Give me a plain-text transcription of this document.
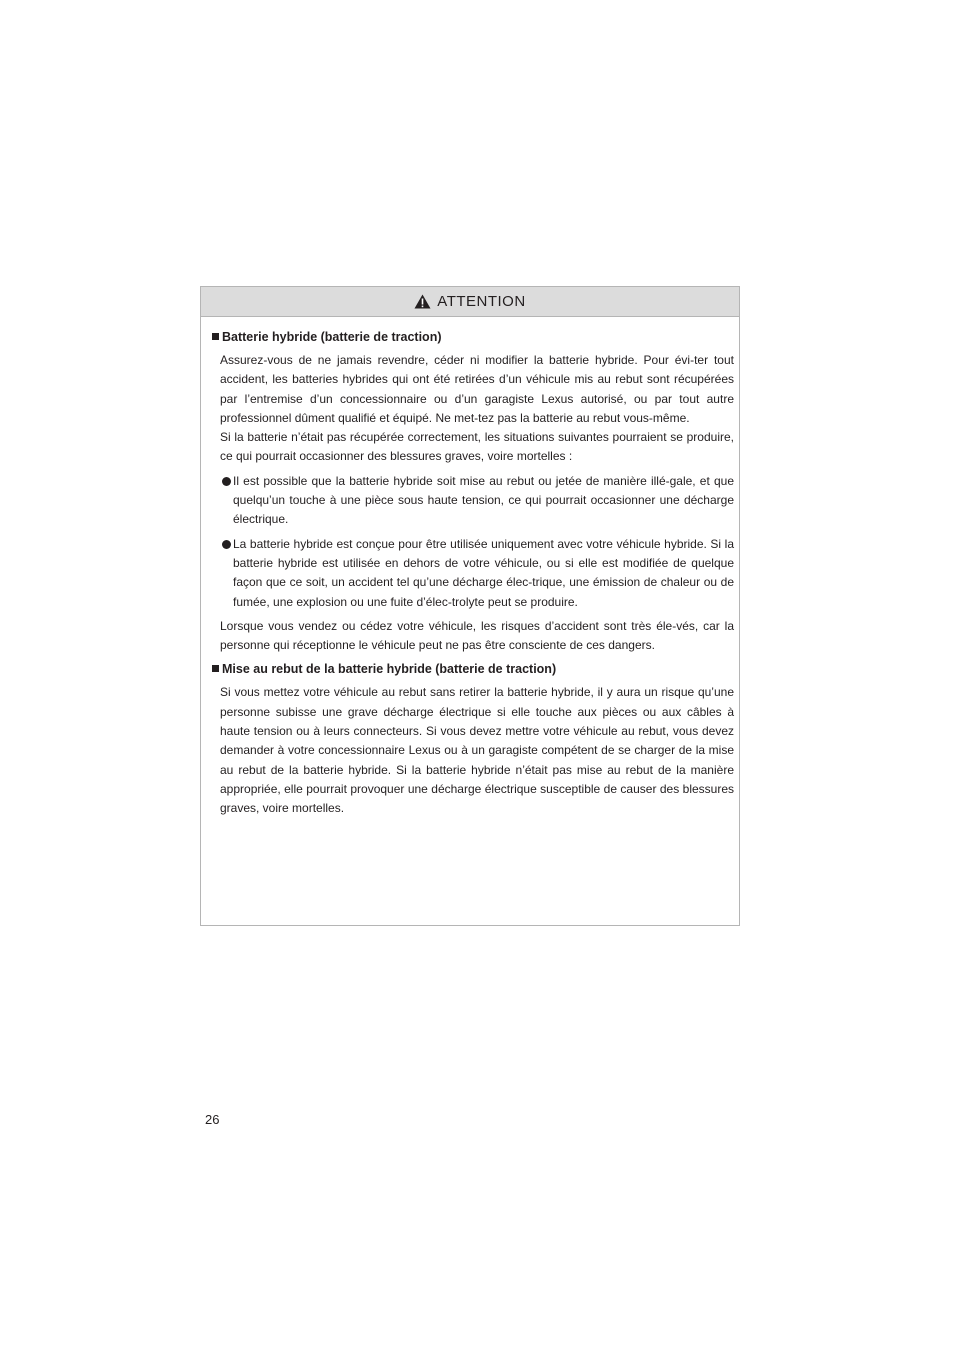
ATTENTION
Batterie hybride (batterie de traction)
Assurez-vous de ne jamais revendre, céder ni modifier la batterie hybride. Pour évi-ter tout accident, les batteries hybrides qui ont été retirées d’un véhicule mis au rebut sont récupérées par l’entremise d’un concessionnaire ou d’un garagiste Lexus autorisé, ou par tout autre professionnel dûment qualifié et équipé. Ne met-tez pas la batterie au rebut vous-même.
Si la batterie n’était pas récupérée correctement, les situations suivantes pourraient se produire, ce qui pourrait occasionner des blessures graves, voire mortelles :
Il est possible que la batterie hybride soit mise au rebut ou jetée de manière illé-gale, et que quelqu’un touche à une pièce sous haute tension, ce qui pourrait occasionner une décharge électrique.
La batterie hybride est conçue pour être utilisée uniquement avec votre véhicule hybride. Si la batterie hybride est utilisée en dehors de votre véhicule, ou si elle est modifiée de quelque façon que ce soit, un accident tel qu’une décharge élec-trique, une émission de chaleur ou de fumée, une explosion ou une fuite d’élec-trolyte peut se produire.
Lorsque vous vendez ou cédez votre véhicule, les risques d’accident sont très éle-vés, car la personne qui réceptionne le véhicule peut ne pas être consciente de ces dangers.
Mise au rebut de la batterie hybride (batterie de traction)
Si vous mettez votre véhicule au rebut sans retirer la batterie hybride, il y aura un risque qu’une personne subisse une grave décharge électrique si elle touche aux pièces ou aux câbles à haute tension ou à leurs connecteurs. Si vous devez mettre votre véhicule au rebut, vous devez demander à votre concessionnaire Lexus ou à un garagiste compétent de se charger de la mise au rebut de la batterie hybride. Si la batterie hybride n’était pas mise au rebut de la manière appropriée, elle pourrait provoquer une décharge électrique susceptible de causer des blessures graves, voire mortelles.
26
